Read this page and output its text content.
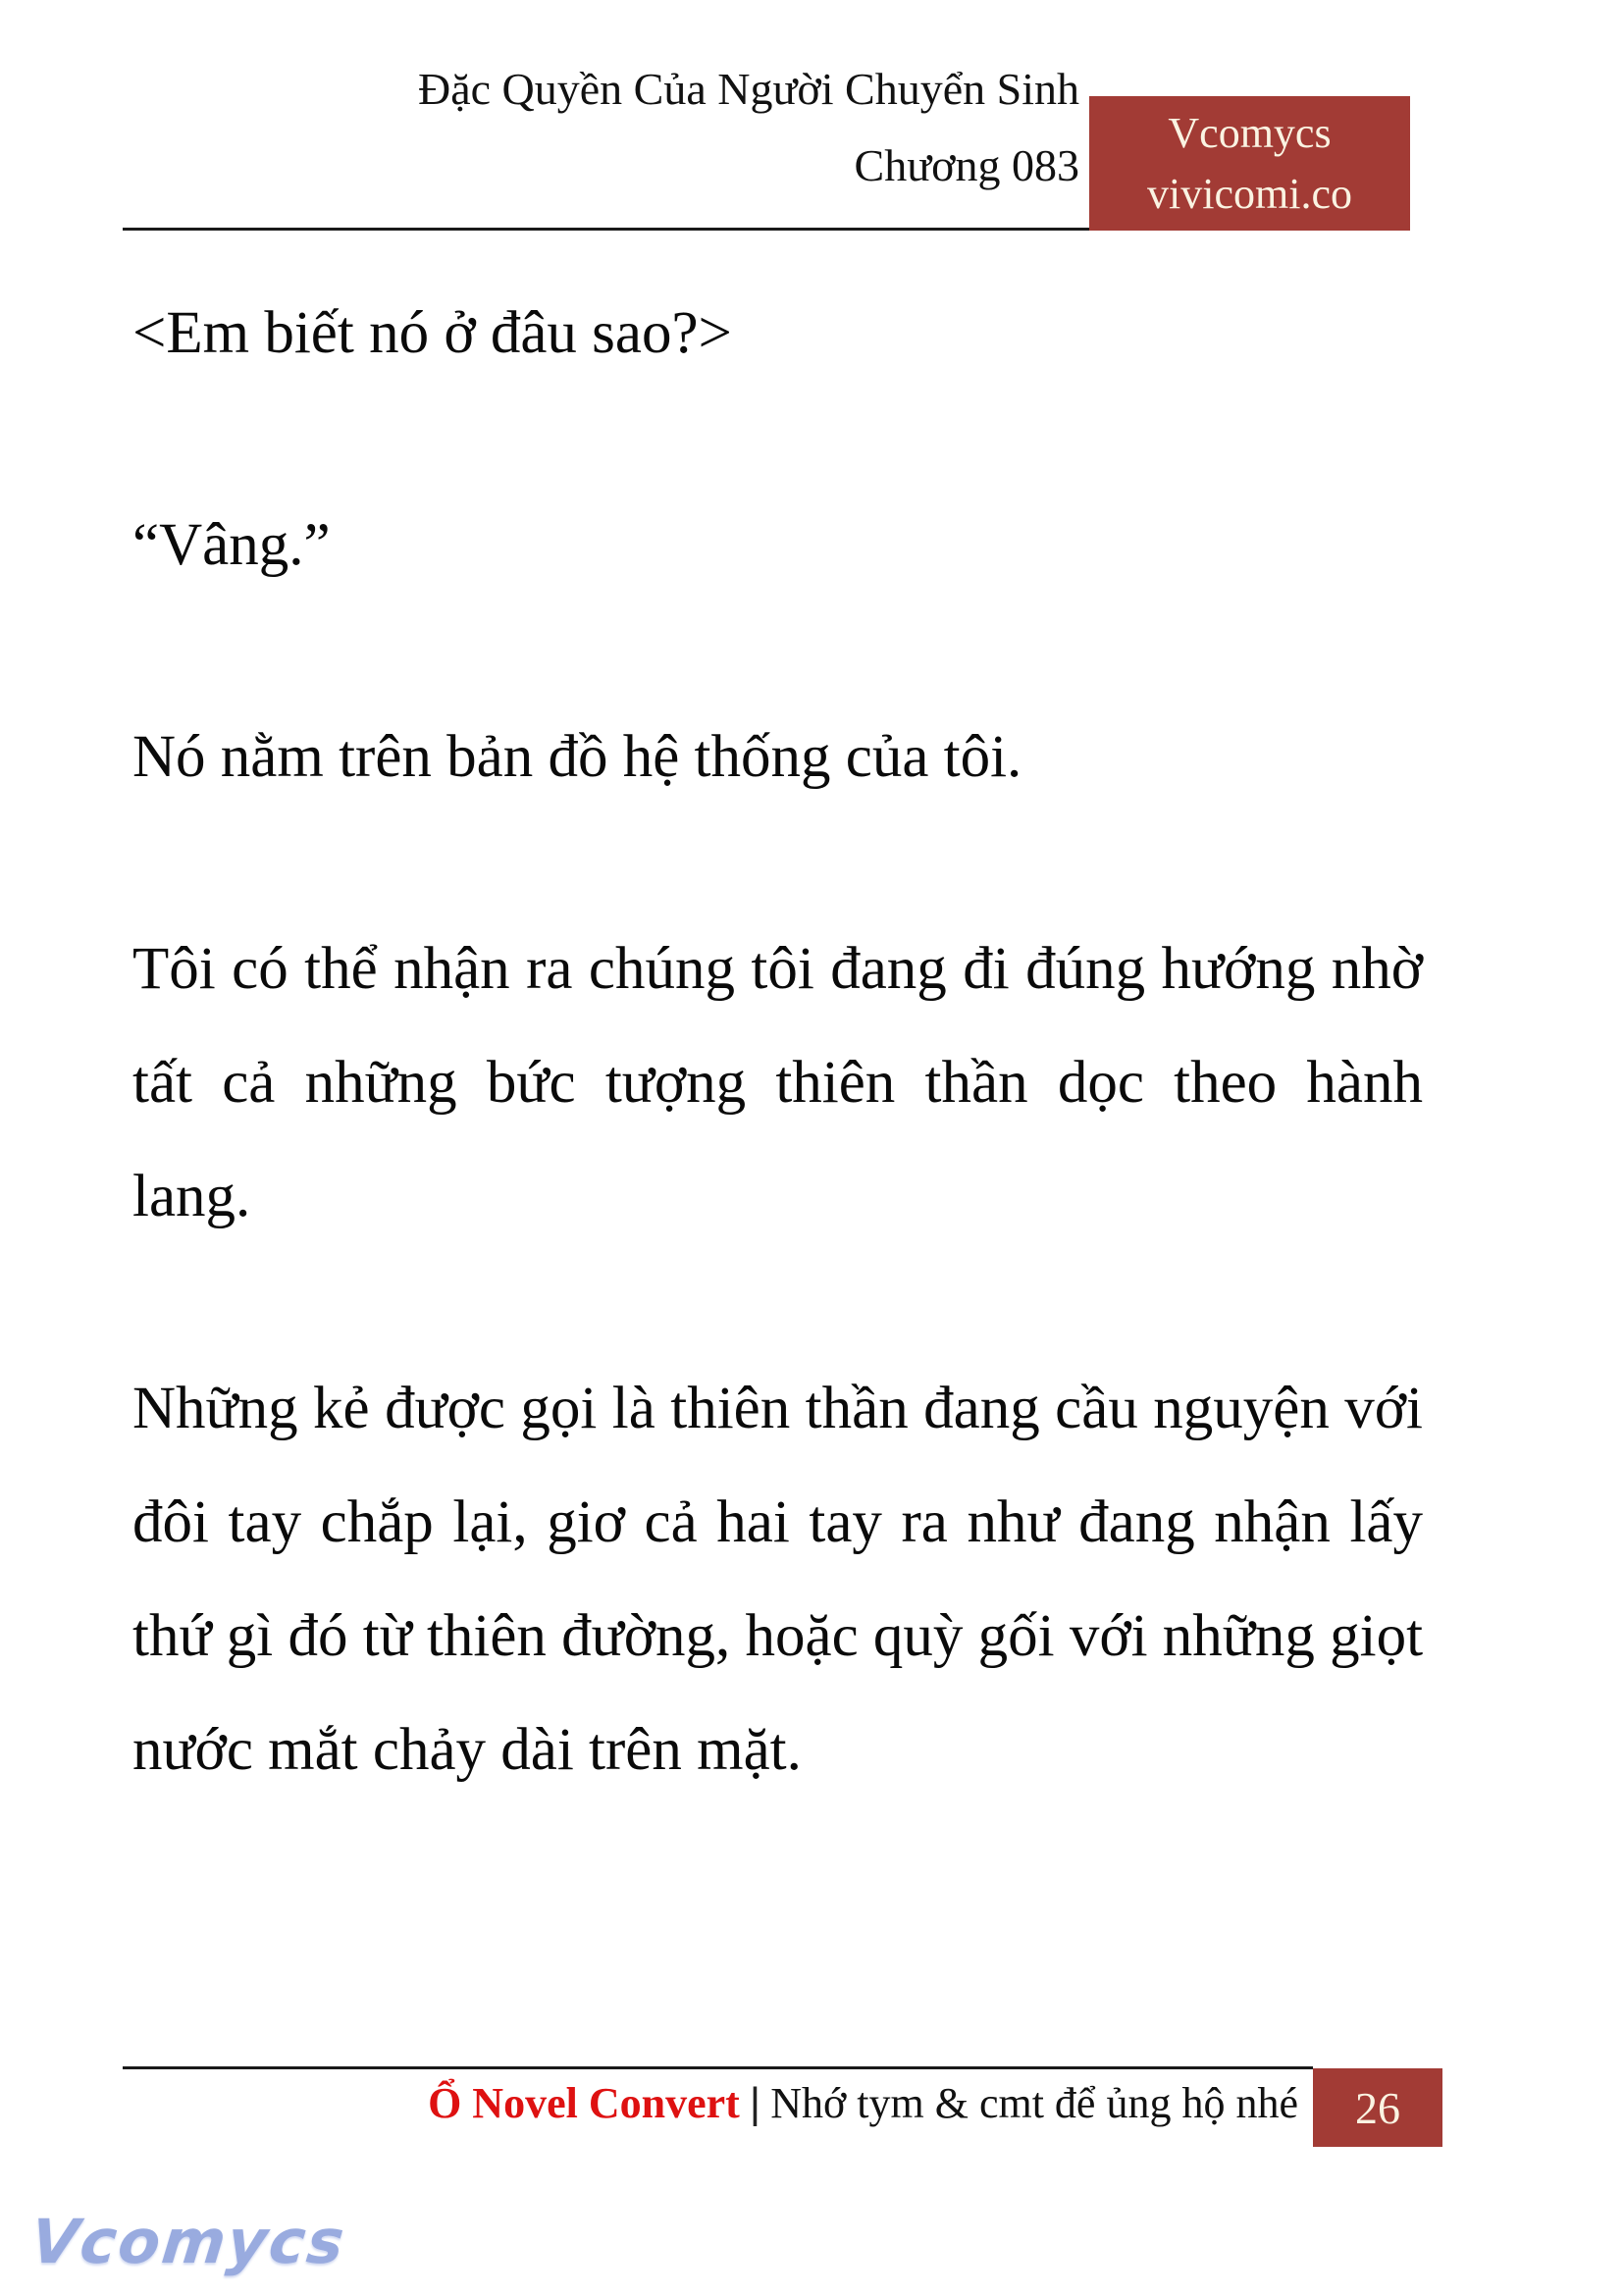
Đặc Quyền Của Người Chuyển Sinh
Chương 083
Vcomycs
vivicomi.co

<Em biết nó ở đâu sao?>

“Vâng.”

Nó nằm trên bản đồ hệ thống của tôi.

Tôi có thể nhận ra chúng tôi đang đi đúng hướng nhờ tất cả những bức tượng thiên thần dọc theo hành lang.

Những kẻ được gọi là thiên thần đang cầu nguyện với đôi tay chắp lại, giơ cả hai tay ra như đang nhận lấy thứ gì đó từ thiên đường, hoặc quỳ gối với những giọt nước mắt chảy dài trên mặt.

Ổ Novel Convert | Nhớ tym & cmt để ủng hộ nhé 26
Vcomycs
